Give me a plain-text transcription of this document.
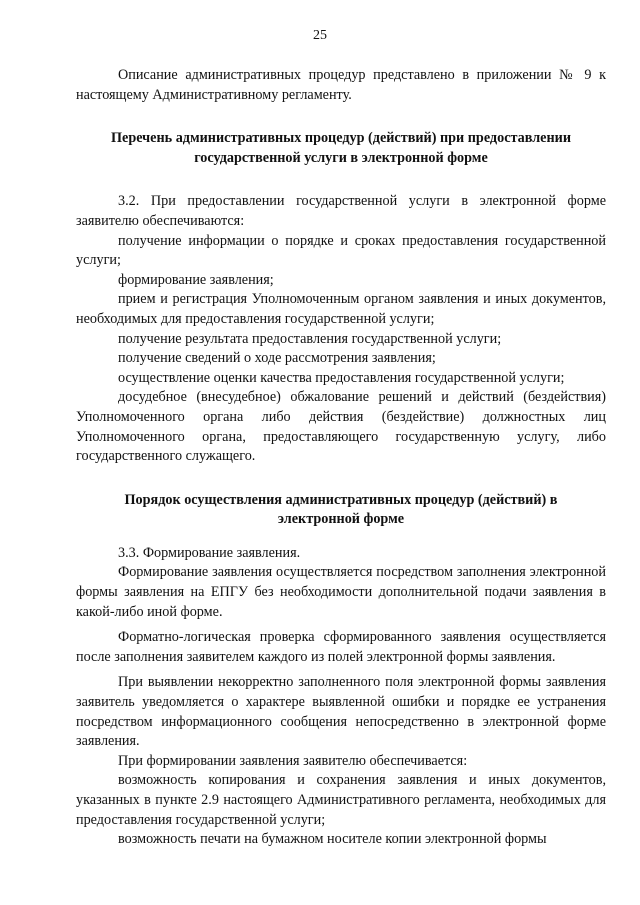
25

Описание административных процедур представлено в приложении № 9 к настоящему Административному регламенту.

Перечень административных процедур (действий) при предоставлении
государственной услуги в электронной форме

3.2. При предоставлении государственной услуги в электронной форме заявителю обеспечиваются:

получение информации о порядке и сроках предоставления государственной услуги;

формирование заявления;

прием и регистрация Уполномоченным органом заявления и иных документов, необходимых для предоставления государственной услуги;

получение результата предоставления государственной услуги;

получение сведений о ходе рассмотрения заявления;

осуществление оценки качества предоставления государственной услуги;

досудебное (внесудебное) обжалование решений и действий (бездействия) Уполномоченного органа либо действия (бездействие) должностных лиц Уполномоченного органа, предоставляющего государственную услугу, либо государственного служащего.

Порядок осуществления административных процедур (действий) в
электронной форме

3.3. Формирование заявления.

Формирование заявления осуществляется посредством заполнения электронной формы заявления на ЕПГУ без необходимости дополнительной подачи заявления в какой-либо иной форме.

Форматно-логическая проверка сформированного заявления осуществляется после заполнения заявителем каждого из полей электронной формы заявления.

При выявлении некорректно заполненного поля электронной формы заявления заявитель уведомляется о характере выявленной ошибки и порядке ее устранения посредством информационного сообщения непосредственно в электронной форме заявления.

При формировании заявления заявителю обеспечивается:

возможность копирования и сохранения заявления и иных документов, указанных в пункте 2.9 настоящего Административного регламента, необходимых для предоставления государственной услуги;

возможность печати на бумажном носителе копии электронной формы
